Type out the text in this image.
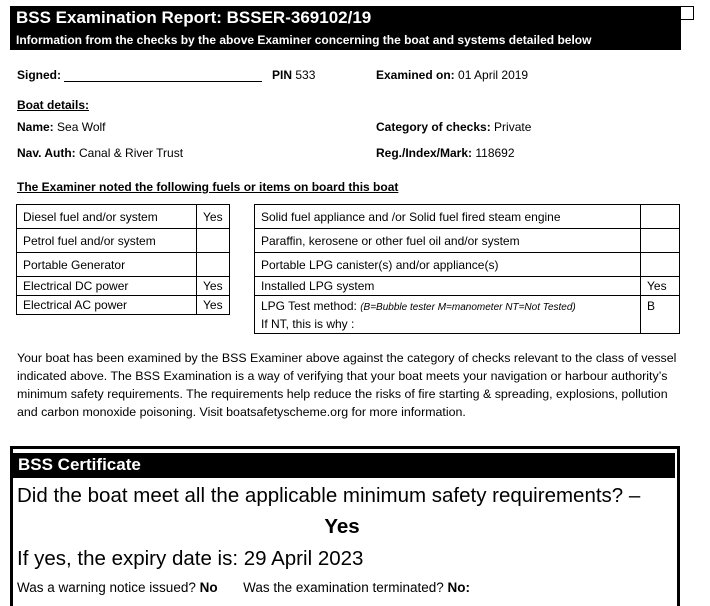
BSS Examination Report: BSSER-369102/19
Information from the checks by the above Examiner concerning the boat and systems detailed below
Signed:	PIN 533	Examined on: 01 April 2019
Boat details:
Name: Sea Wolf	Category of checks: Private
Nav. Auth: Canal & River Trust	Reg./Index/Mark: 118692
The Examiner noted the following fuels or items on board this boat
Diesel fuel and/or system	Yes
Petrol fuel and/or system	
Portable Generator	
Electrical DC power	Yes
Electrical AC power	Yes
Solid fuel appliance and /or Solid fuel fired steam engine	
Paraffin, kerosene or other fuel oil and/or system	
Portable LPG canister(s) and/or appliance(s)	
Installed LPG system	Yes
LPG Test method: (B=Bubble tester M=manometer NT=Not Tested)
If NT, this is why :	B
Your boat has been examined by the BSS Examiner above against the category of checks relevant to the class of vessel indicated above. The BSS Examination is a way of verifying that your boat meets your navigation or harbour authority’s minimum safety requirements. The requirements help reduce the risks of fire starting & spreading, explosions, pollution and carbon monoxide poisoning. Visit boatsafetyscheme.org for more information.
BSS Certificate
Did the boat meet all the applicable minimum safety requirements? –
Yes
If yes, the expiry date is: 29 April 2023
Was a warning notice issued? No Was the examination terminated? No:
